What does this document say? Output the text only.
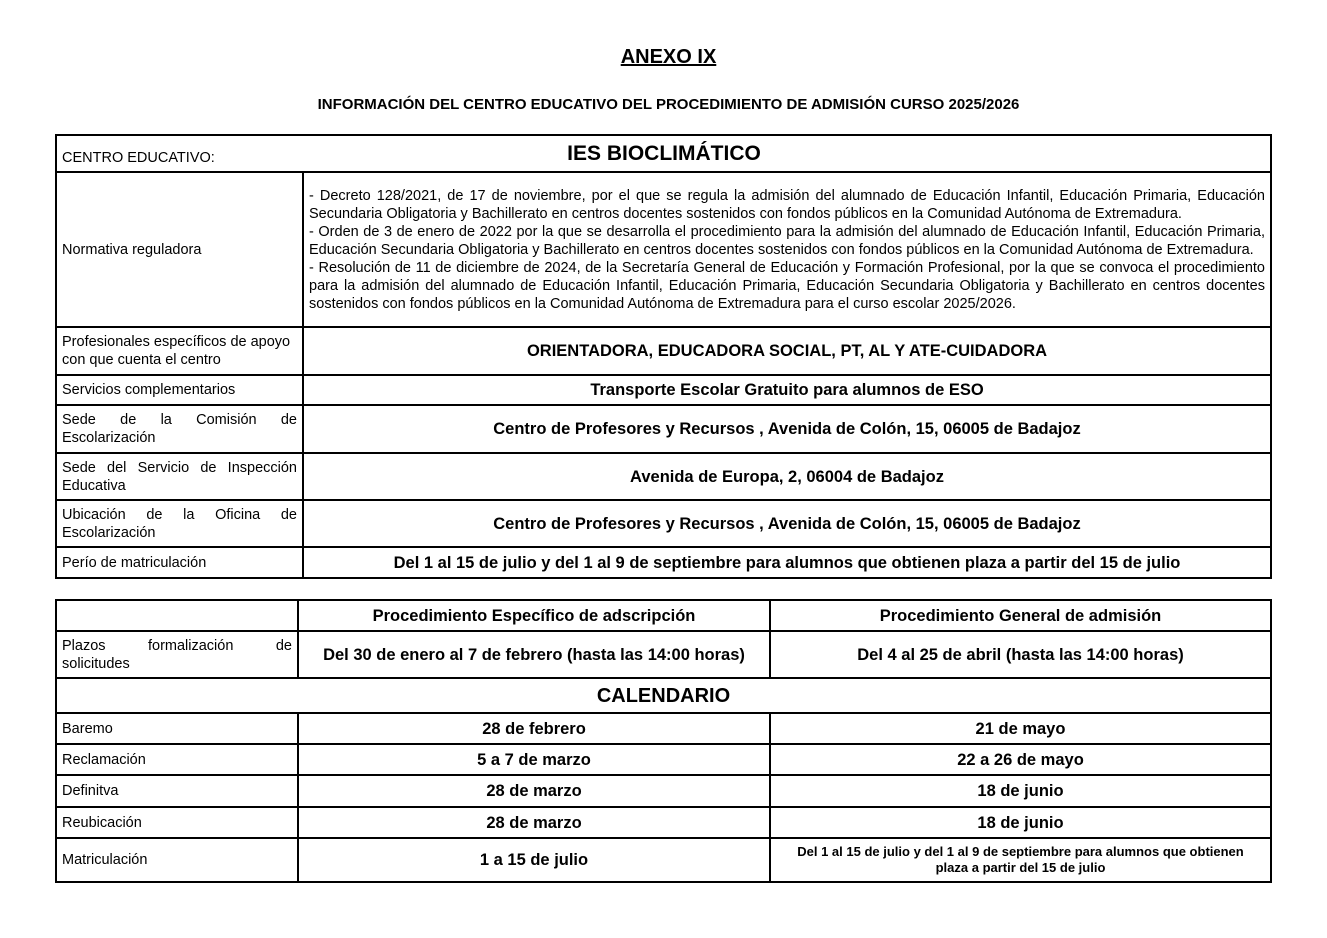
ANEXO IX
INFORMACIÓN DEL CENTRO EDUCATIVO DEL PROCEDIMIENTO DE ADMISIÓN CURSO 2025/2026
CENTRO EDUCATIVO:	IES BIOCLIMÁTICO
Normativa reguladora	- Decreto 128/2021, de 17 de noviembre, por el que se regula la admisión del alumnado de Educación Infantil, Educación Primaria, Educación Secundaria Obligatoria y Bachillerato en centros docentes sostenidos con fondos públicos en la Comunidad Autónoma de Extremadura.
- Orden de 3 de enero de 2022 por la que se desarrolla el procedimiento para la admisión del alumnado de Educación Infantil, Educación Primaria, Educación Secundaria Obligatoria y Bachillerato en centros docentes sostenidos con fondos públicos en la Comunidad Autónoma de Extremadura.
- Resolución de 11 de diciembre de 2024, de la Secretaría General de Educación y Formación Profesional, por la que se convoca el procedimiento para la admisión del alumnado de Educación Infantil, Educación Primaria, Educación Secundaria Obligatoria y Bachillerato en centros docentes sostenidos con fondos públicos en la Comunidad Autónoma de Extremadura para el curso escolar 2025/2026.

Profesionales específicos de apoyo con que cuenta el centro	ORIENTADORA, EDUCADORA SOCIAL, PT, AL Y ATE-CUIDADORA
Servicios complementarios	Transporte Escolar Gratuito para alumnos de ESO

Sede de la Comisión de
Escolarización	Centro de Profesores y Recursos , Avenida de Colón, 15, 06005 de Badajoz

Sede del Servicio de Inspección
Educativa	Avenida de Europa, 2, 06004 de Badajoz

Ubicación de la Oficina de
Escolarización	Centro de Profesores y Recursos , Avenida de Colón, 15, 06005 de Badajoz
Perío de matriculación	Del 1 al 15 de julio y del 1 al 9 de septiembre para alumnos que obtienen plaza a partir del 15 de julio
	Procedimiento Específico de adscripción	Procedimiento General de admisión

Plazos formalización de
solicitudes	Del 30 de enero al 7 de febrero (hasta las 14:00 horas)	Del 4 al 25 de abril (hasta las 14:00 horas)
CALENDARIO		
Baremo	28 de febrero	21 de mayo
Reclamación	5 a 7 de marzo	22 a 26 de mayo
Definitva	28 de marzo	18 de junio
Reubicación	28 de marzo	18 de junio
Matriculación	1 a 15 de julio	Del 1 al 15 de julio y del 1 al 9 de septiembre para alumnos que obtienen plaza a partir del 15 de julio
